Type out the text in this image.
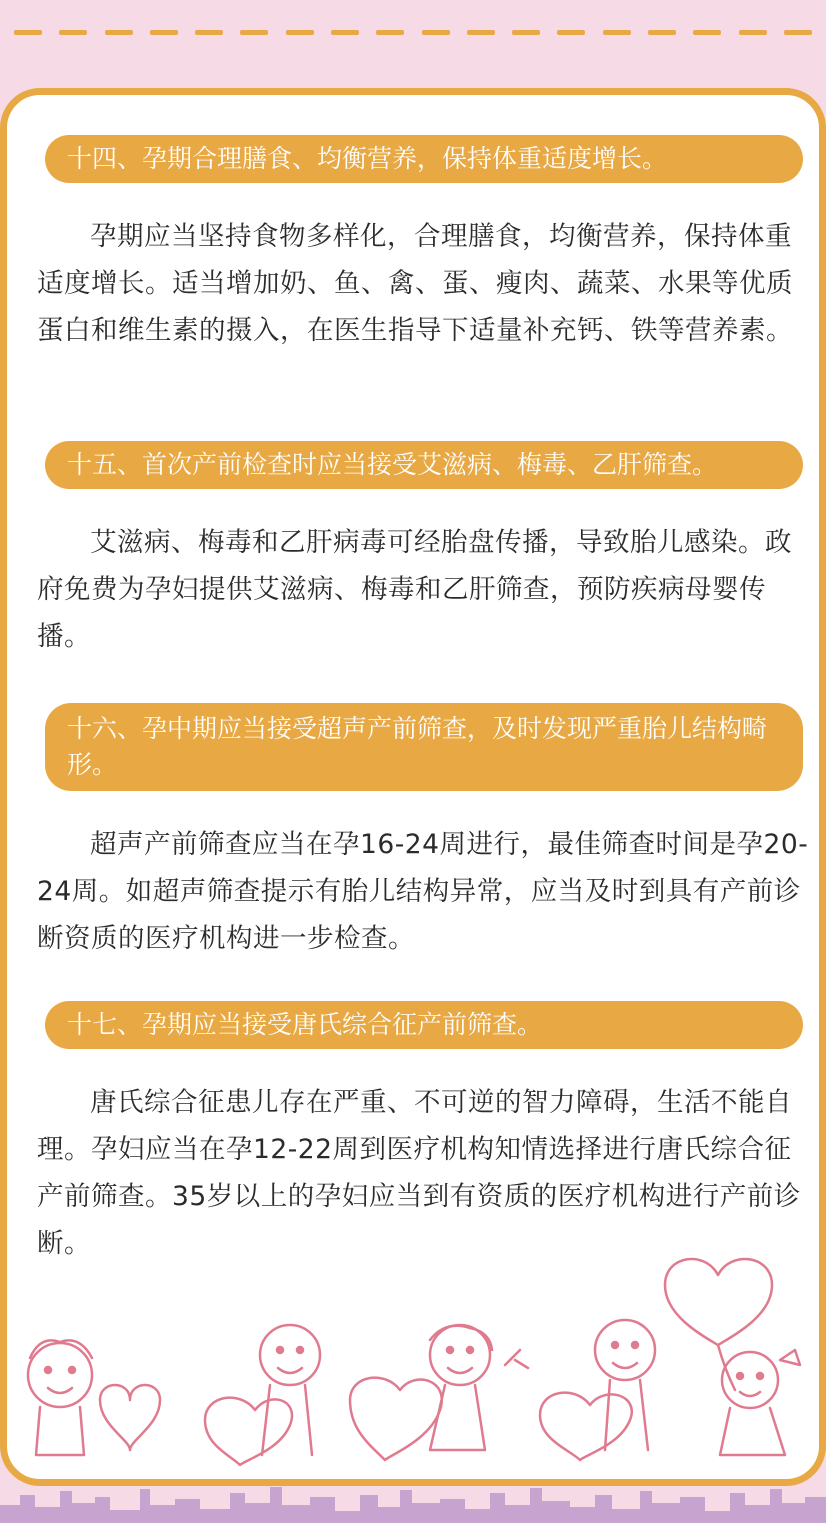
十四、孕期合理膳食、均衡营养，保持体重适度增长。

孕期应当坚持食物多样化，合理膳食，均衡营养，保持体重适度增长。适当增加奶、鱼、禽、蛋、瘦肉、蔬菜、水果等优质蛋白和维生素的摄入，在医生指导下适量补充钙、铁等营养素。

十五、首次产前检查时应当接受艾滋病、梅毒、乙肝筛查。

艾滋病、梅毒和乙肝病毒可经胎盘传播，导致胎儿感染。政府免费为孕妇提供艾滋病、梅毒和乙肝筛查，预防疾病母婴传播。

十六、孕中期应当接受超声产前筛查，及时发现严重胎儿结构畸形。

超声产前筛查应当在孕16-24周进行，最佳筛查时间是孕20-24周。如超声筛查提示有胎儿结构异常，应当及时到具有产前诊断资质的医疗机构进一步检查。

十七、孕期应当接受唐氏综合征产前筛查。

唐氏综合征患儿存在严重、不可逆的智力障碍，生活不能自理。孕妇应当在孕12-22周到医疗机构知情选择进行唐氏综合征产前筛查。35岁以上的孕妇应当到有资质的医疗机构进行产前诊断。
